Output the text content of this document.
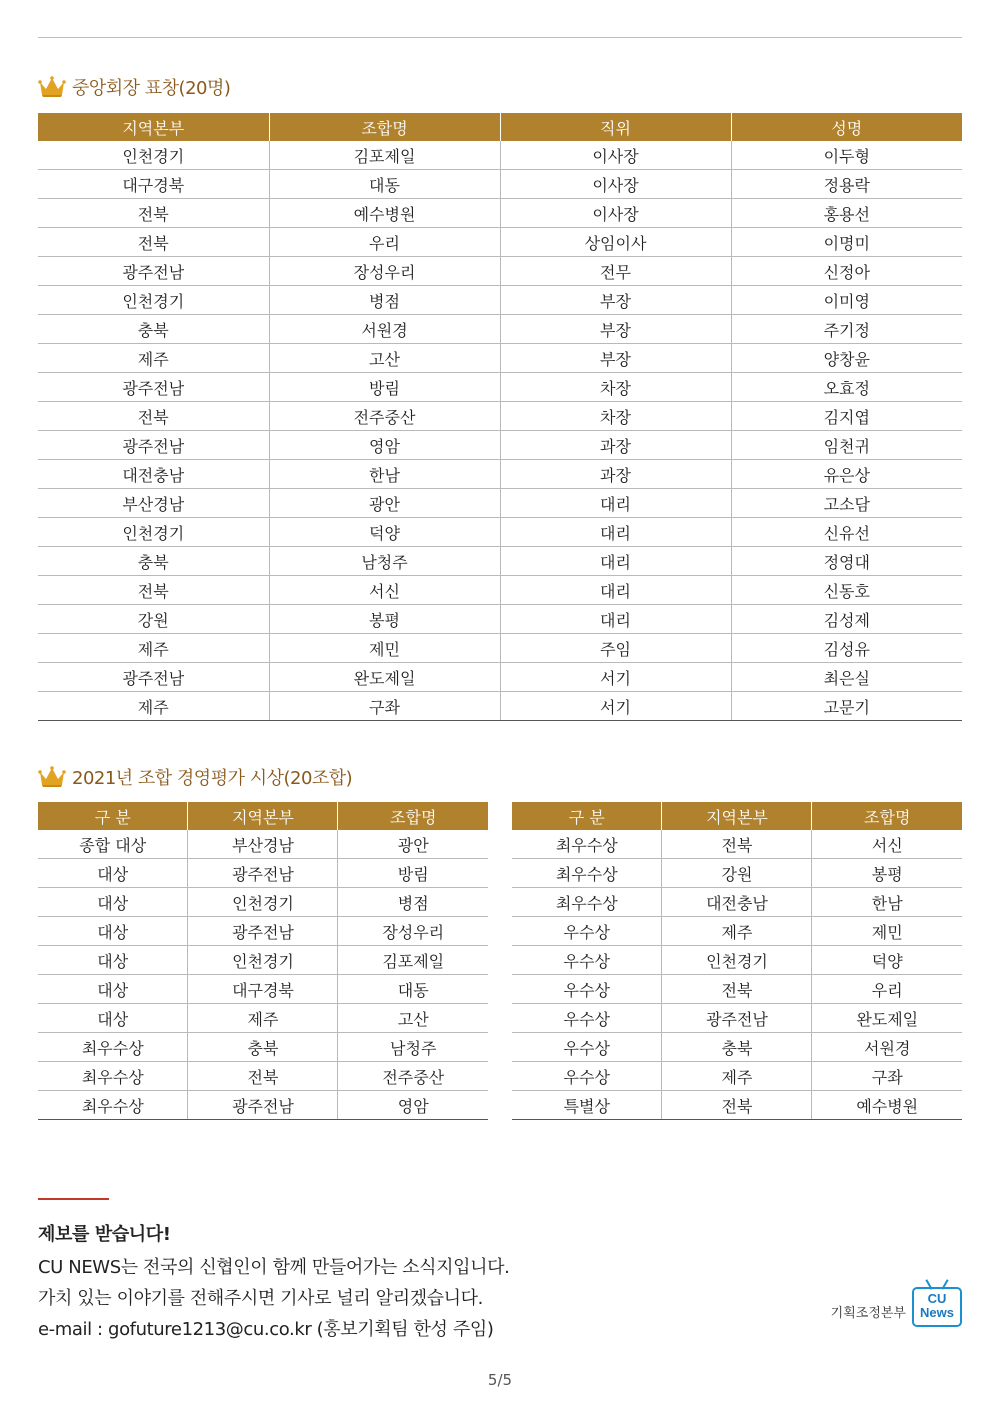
중앙회장 표창(20명)
지역본부	조합명	직위	성명
인천경기	김포제일	이사장	이두형
대구경북	대동	이사장	정용락
전북	예수병원	이사장	홍용선
전북	우리	상임이사	이명미
광주전남	장성우리	전무	신정아
인천경기	병점	부장	이미영
충북	서원경	부장	주기정
제주	고산	부장	양창윤
광주전남	방림	차장	오효정
전북	전주중산	차장	김지엽
광주전남	영암	과장	임천귀
대전충남	한남	과장	유은상
부산경남	광안	대리	고소담
인천경기	덕양	대리	신유선
충북	남청주	대리	정영대
전북	서신	대리	신동호
강원	봉평	대리	김성제
제주	제민	주임	김성유
광주전남	완도제일	서기	최은실
제주	구좌	서기	고문기
2021년 조합 경영평가 시상(20조합)
구 분	지역본부	조합명
종합 대상	부산경남	광안
대상	광주전남	방림
대상	인천경기	병점
대상	광주전남	장성우리
대상	인천경기	김포제일
대상	대구경북	대동
대상	제주	고산
최우수상	충북	남청주
최우수상	전북	전주중산
최우수상	광주전남	영암
구 분	지역본부	조합명
최우수상	전북	서신
최우수상	강원	봉평
최우수상	대전충남	한남
우수상	제주	제민
우수상	인천경기	덕양
우수상	전북	우리
우수상	광주전남	완도제일
우수상	충북	서원경
우수상	제주	구좌
특별상	전북	예수병원
제보를 받습니다!
CU NEWS는 전국의 신협인이 함께 만들어가는 소식지입니다.
가치 있는 이야기를 전해주시면 기사로 널리 알리겠습니다.
e-mail : gofuture1213@cu.co.kr (홍보기획팀 한성 주임)
기획조정본부
CU
News
5/5
